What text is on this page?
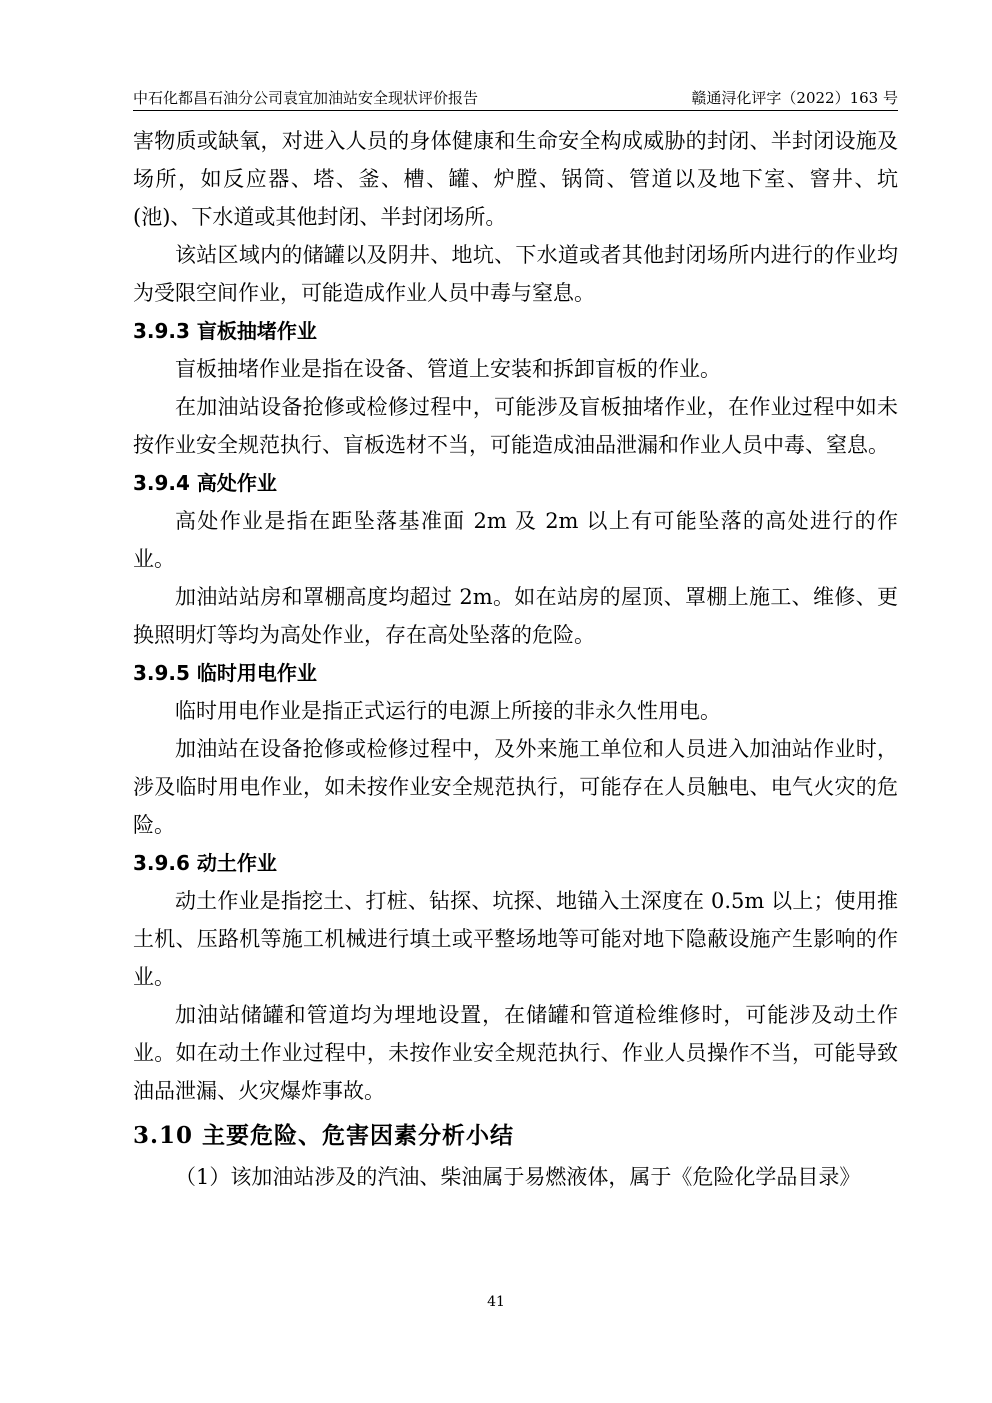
中石化都昌石油分公司袁宜加油站安全现状评价报告	赣通浔化评字（2022）163 号

害物质或缺氧，对进入人员的身体健康和生命安全构成威胁的封闭、半封闭设施及场所，如反应器、塔、釜、槽、罐、炉膛、锅筒、管道以及地下室、窨井、坑(池)、下水道或其他封闭、半封闭场所。

该站区域内的储罐以及阴井、地坑、下水道或者其他封闭场所内进行的作业均为受限空间作业，可能造成作业人员中毒与窒息。

3.9.3 盲板抽堵作业

盲板抽堵作业是指在设备、管道上安装和拆卸盲板的作业。

在加油站设备抢修或检修过程中，可能涉及盲板抽堵作业，在作业过程中如未按作业安全规范执行、盲板选材不当，可能造成油品泄漏和作业人员中毒、窒息。

3.9.4 高处作业

高处作业是指在距坠落基准面 2m 及 2m 以上有可能坠落的高处进行的作业。

加油站站房和罩棚高度均超过 2m。如在站房的屋顶、罩棚上施工、维修、更换照明灯等均为高处作业，存在高处坠落的危险。

3.9.5 临时用电作业

临时用电作业是指正式运行的电源上所接的非永久性用电。

加油站在设备抢修或检修过程中，及外来施工单位和人员进入加油站作业时，涉及临时用电作业，如未按作业安全规范执行，可能存在人员触电、电气火灾的危险。

3.9.6 动土作业

动土作业是指挖土、打桩、钻探、坑探、地锚入土深度在 0.5m 以上；使用推土机、压路机等施工机械进行填土或平整场地等可能对地下隐蔽设施产生影响的作业。

加油站储罐和管道均为埋地设置，在储罐和管道检维修时，可能涉及动土作业。如在动土作业过程中，未按作业安全规范执行、作业人员操作不当，可能导致油品泄漏、火灾爆炸事故。

3.10 主要危险、危害因素分析小结

（1）该加油站涉及的汽油、柴油属于易燃液体，属于《危险化学品目录》

41
